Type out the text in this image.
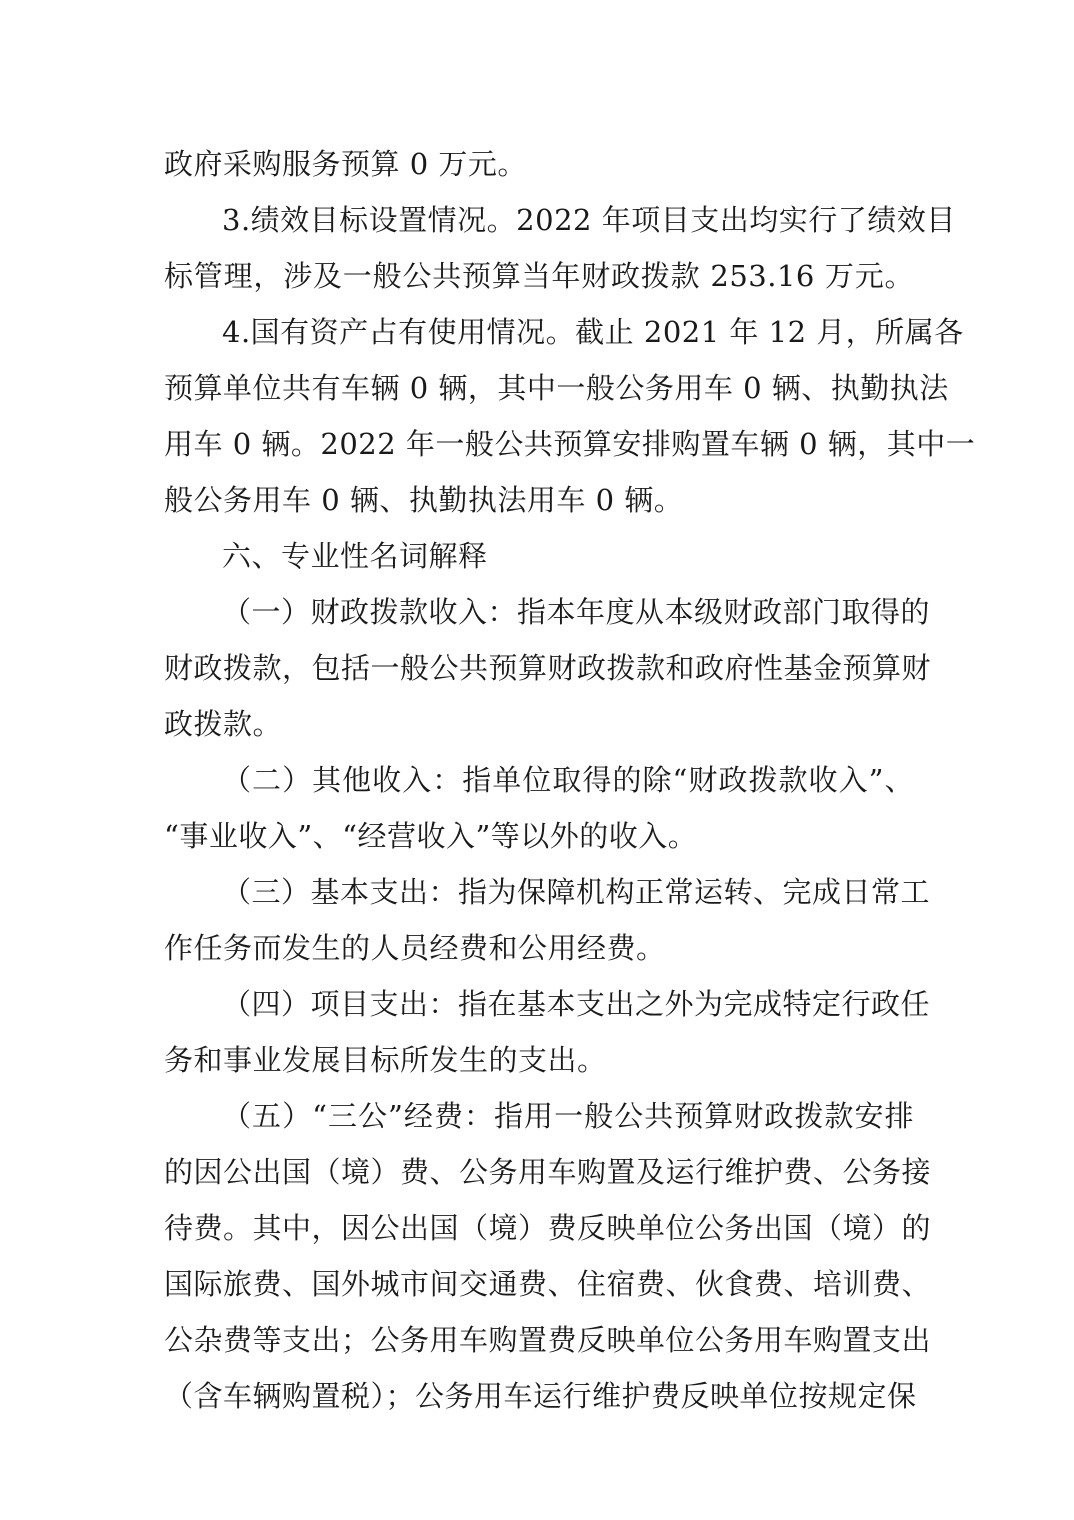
政府采购服务预算 0 万元。
3.绩效目标设置情况。2022 年项目支出均实行了绩效目
标管理，涉及一般公共预算当年财政拨款 253.16 万元。
4.国有资产占有使用情况。截止 2021 年 12 月，所属各
预算单位共有车辆 0 辆，其中一般公务用车 0 辆、执勤执法
用车 0 辆。2022 年一般公共预算安排购置车辆 0 辆，其中一
般公务用车 0 辆、执勤执法用车 0 辆。
六、专业性名词解释
（一）财政拨款收入：指本年度从本级财政部门取得的
财政拨款，包括一般公共预算财政拨款和政府性基金预算财
政拨款。
（二）其他收入：指单位取得的除“财政拨款收入”、
“事业收入”、“经营收入”等以外的收入。
（三）基本支出：指为保障机构正常运转、完成日常工
作任务而发生的人员经费和公用经费。
（四）项目支出：指在基本支出之外为完成特定行政任
务和事业发展目标所发生的支出。
（五）“三公”经费：指用一般公共预算财政拨款安排
的因公出国（境）费、公务用车购置及运行维护费、公务接
待费。其中，因公出国（境）费反映单位公务出国（境）的
国际旅费、国外城市间交通费、住宿费、伙食费、培训费、
公杂费等支出；公务用车购置费反映单位公务用车购置支出
（含车辆购置税）；公务用车运行维护费反映单位按规定保
